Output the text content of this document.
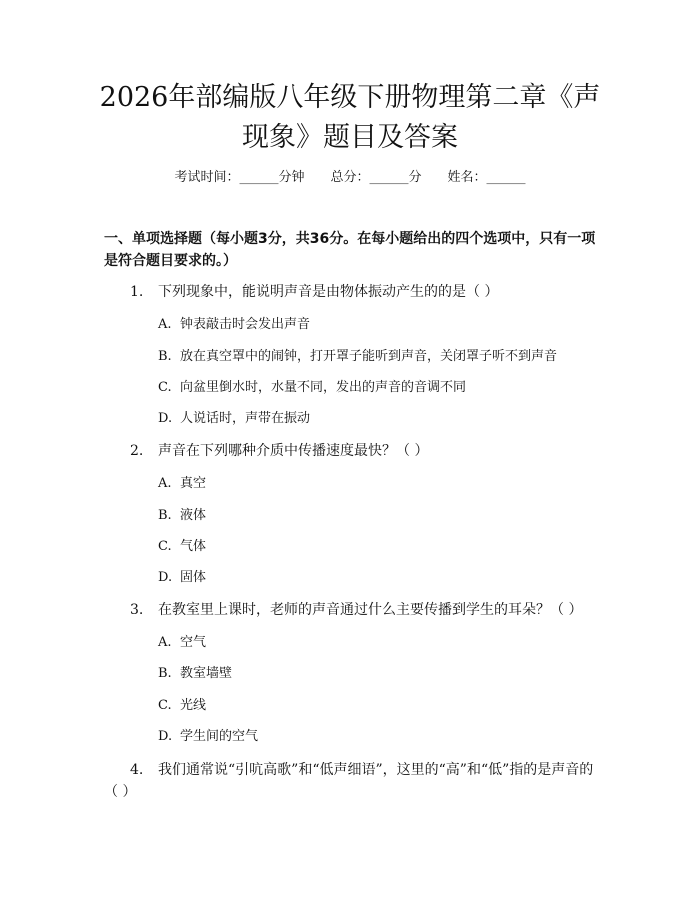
2026年部编版八年级下册物理第二章《声现象》题目及答案
考试时间：______分钟 总分：______分 姓名：______
一、单项选择题（每小题3分，共36分。在每小题给出的四个选项中，只有一项是符合题目要求的。）
1. 下列现象中，能说明声音是由物体振动产生的的是（ ）
A. 钟表敲击时会发出声音
B. 放在真空罩中的闹钟，打开罩子能听到声音，关闭罩子听不到声音
C. 向盆里倒水时，水量不同，发出的声音的音调不同
D. 人说话时，声带在振动
2. 声音在下列哪种介质中传播速度最快？（ ）
A. 真空
B. 液体
C. 气体
D. 固体
3. 在教室里上课时，老师的声音通过什么主要传播到学生的耳朵？（ ）
A. 空气
B. 教室墙壁
C. 光线
D. 学生间的空气
4. 我们通常说“引吭高歌”和“低声细语”，这里的“高”和“低”指的是声音的（ ）
